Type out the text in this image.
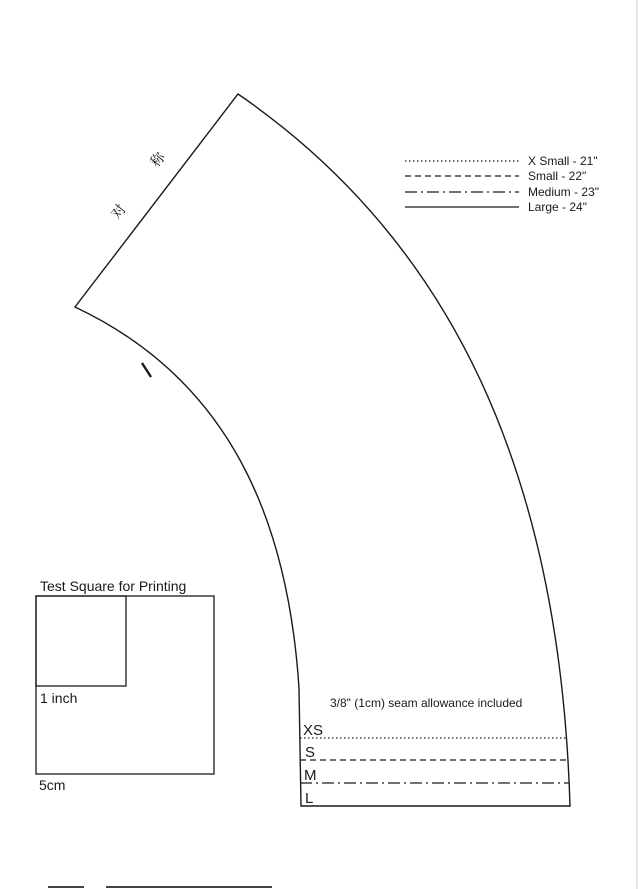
对
称
3/8" (1cm) seam allowance included
XS
S
M
L
X Small - 21"
Small - 22"
Medium - 23"
Large - 24"
Test Square for Printing
1 inch
5cm
